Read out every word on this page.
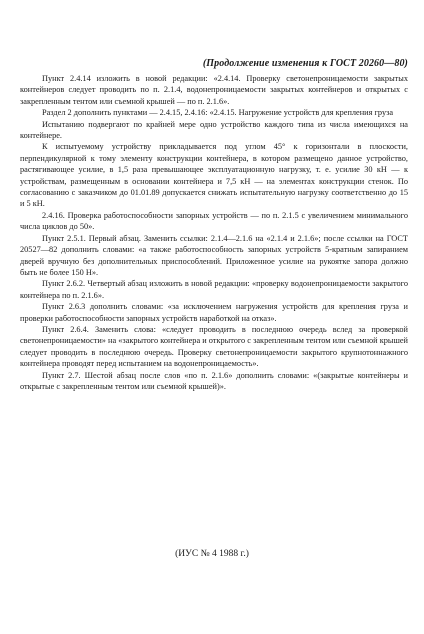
(Продолжение изменения к ГОСТ 20260—80)

Пункт 2.4.14 изложить в новой редакции: «2.4.14. Проверку светонепроницаемости закрытых контейнеров следует проводить по п. 2.1.4, водонепроницаемости закрытых контейнеров и открытых с закрепленным тентом или съемной крышей — по п. 2.1.6».

Раздел 2 дополнить пунктами — 2.4.15, 2.4.16: «2.4.15. Нагружение устройств для крепления груза

Испытанию подвергают по крайней мере одно устройство каждого типа из числа имеющихся на контейнере.

К испытуемому устройству прикладывается под углом 45° к горизонтали в плоскости, перпендикулярной к тому элементу конструкции контейнера, в котором размещено данное устройство, растягивающее усилие, в 1,5 раза превышающее эксплуатационную нагрузку, т. е. усилие 30 кН — к устройствам, размещенным в основании контейнера и 7,5 кН — на элементах конструкции стенок. По согласованию с заказчиком до 01.01.89 допускается снижать испытательную нагрузку соответственно до 15 и 5 кН.

2.4.16. Проверка работоспособности запорных устройств — по п. 2.1.5 с увеличением минимального числа циклов до 50».

Пункт 2.5.1. Первый абзац. Заменить ссылки: 2.1.4—2.1.6 на «2.1.4 и 2.1.6»; после ссылки на ГОСТ 20527—82 дополнить словами: «а также работоспособность запорных устройств 5-кратным запиранием дверей вручную без дополнительных приспособлений. Приложенное усилие на рукоятке запора должно быть не более 150 Н».

Пункт 2.6.2. Четвертый абзац изложить в новой редакции: «проверку водонепроницаемости закрытого контейнера по п. 2.1.6».

Пункт 2.6.3 дополнить словами: «за исключением нагружения устройств для крепления груза и проверки работоспособности запорных устройств наработкой на отказ».

Пункт 2.6.4. Заменить слова: «следует проводить в последнюю очередь вслед за проверкой светонепроницаемости» на «закрытого контейнера и открытого с закрепленным тентом или съемной крышей следует проводить в последнюю очередь. Проверку светонепроницаемости закрытого крупнотоннажного контейнера проводят перед испытанием на водонепроницаемость».

Пункт 2.7. Шестой абзац после слов «по п. 2.1.6» дополнить словами: «(закрытые контейнеры и открытые с закрепленным тентом или съемной крышей)».

(ИУС № 4 1988 г.)
